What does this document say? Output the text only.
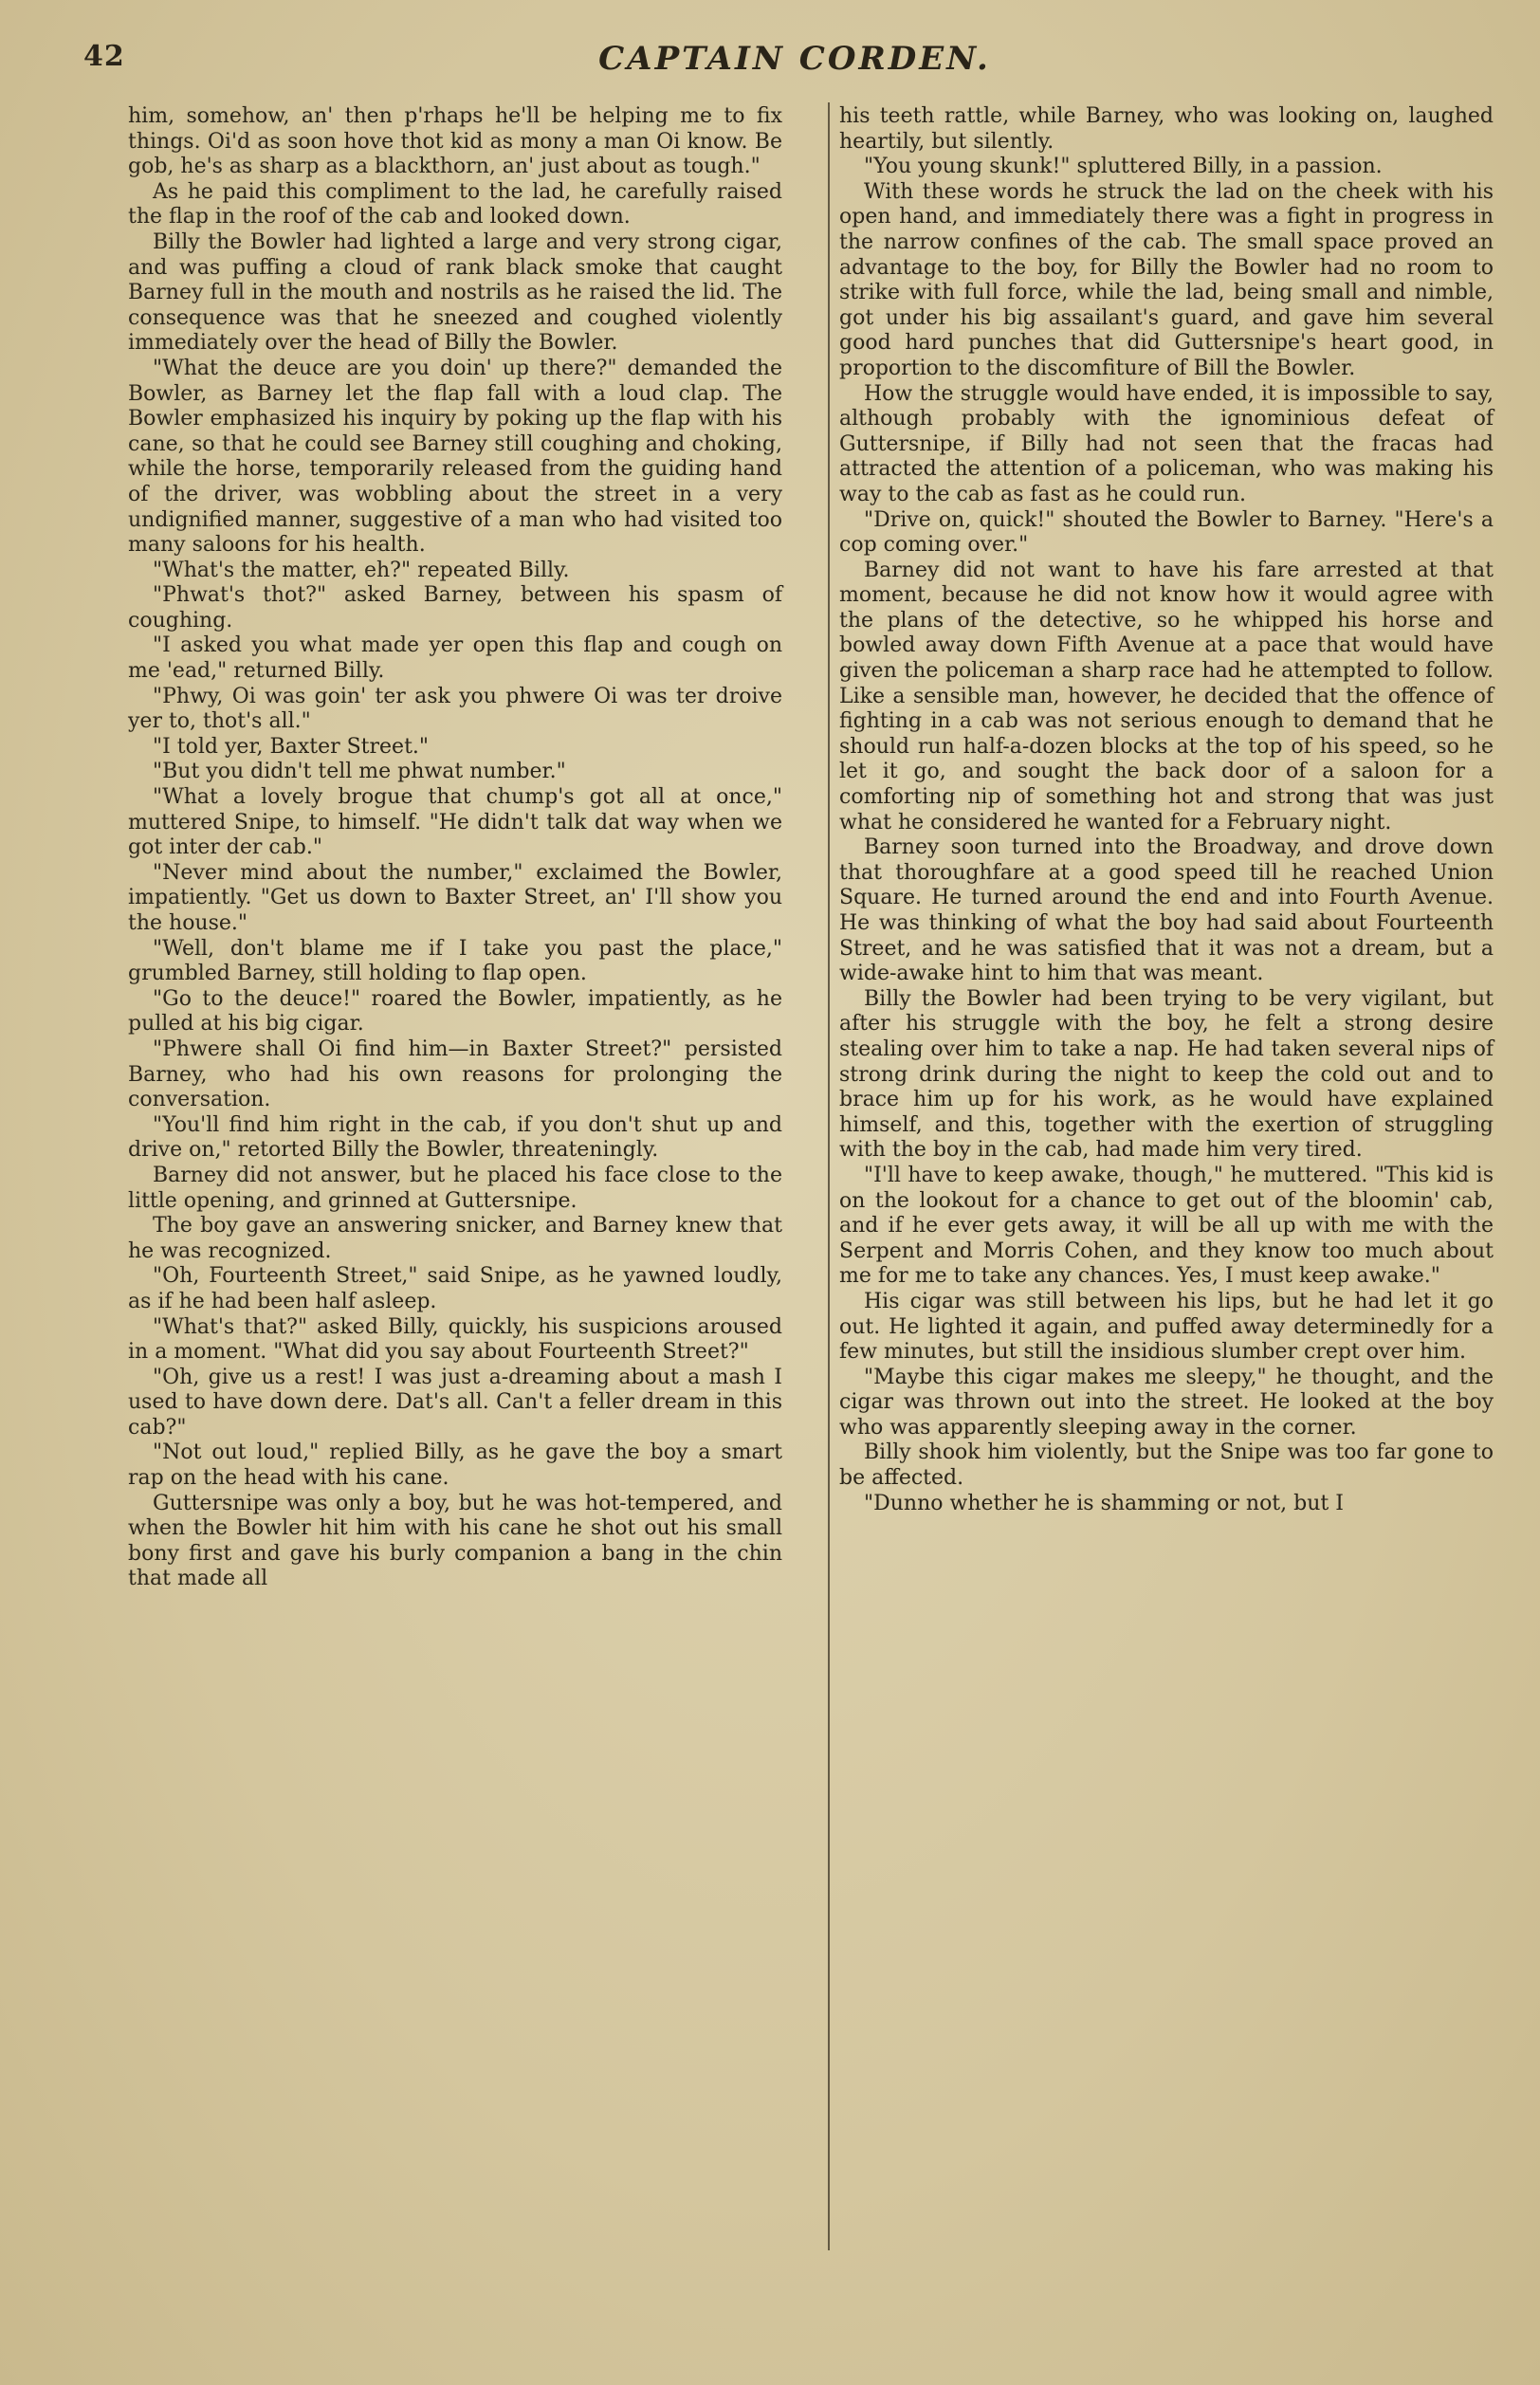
42	CAPTAIN CORDEN.

him, somehow, an' then p'rhaps he'll be helping me to fix things. Oi'd as soon hove thot kid as mony a man Oi know. Be gob, he's as sharp as a blackthorn, an' just about as tough."

As he paid this compliment to the lad, he carefully raised the flap in the roof of the cab and looked down.

Billy the Bowler had lighted a large and very strong cigar, and was puffing a cloud of rank black smoke that caught Barney full in the mouth and nostrils as he raised the lid. The consequence was that he sneezed and coughed violently immediately over the head of Billy the Bowler.

"What the deuce are you doin' up there?" demanded the Bowler, as Barney let the flap fall with a loud clap. The Bowler emphasized his inquiry by poking up the flap with his cane, so that he could see Barney still coughing and choking, while the horse, temporarily released from the guiding hand of the driver, was wobbling about the street in a very undignified manner, suggestive of a man who had visited too many saloons for his health.

"What's the matter, eh?" repeated Billy.

"Phwat's thot?" asked Barney, between his spasm of coughing.

"I asked you what made yer open this flap and cough on me 'ead," returned Billy.

"Phwy, Oi was goin' ter ask you phwere Oi was ter droive yer to, thot's all."

"I told yer, Baxter Street."

"But you didn't tell me phwat number."

"What a lovely brogue that chump's got all at once," muttered Snipe, to himself. "He didn't talk dat way when we got inter der cab."

"Never mind about the number," exclaimed the Bowler, impatiently. "Get us down to Baxter Street, an' I'll show you the house."

"Well, don't blame me if I take you past the place," grumbled Barney, still holding to flap open.

"Go to the deuce!" roared the Bowler, impatiently, as he pulled at his big cigar.

"Phwere shall Oi find him—in Baxter Street?" persisted Barney, who had his own reasons for prolonging the conversation.

"You'll find him right in the cab, if you don't shut up and drive on," retorted Billy the Bowler, threateningly.

Barney did not answer, but he placed his face close to the little opening, and grinned at Guttersnipe.

The boy gave an answering snicker, and Barney knew that he was recognized.

"Oh, Fourteenth Street," said Snipe, as he yawned loudly, as if he had been half asleep.

"What's that?" asked Billy, quickly, his suspicions aroused in a moment. "What did you say about Fourteenth Street?"

"Oh, give us a rest! I was just a-dreaming about a mash I used to have down dere. Dat's all. Can't a feller dream in this cab?"

"Not out loud," replied Billy, as he gave the boy a smart rap on the head with his cane.

Guttersnipe was only a boy, but he was hot-tempered, and when the Bowler hit him with his cane he shot out his small bony first and gave his burly companion a bang in the chin that made all

his teeth rattle, while Barney, who was looking on, laughed heartily, but silently.

"You young skunk!" spluttered Billy, in a passion.

With these words he struck the lad on the cheek with his open hand, and immediately there was a fight in progress in the narrow confines of the cab. The small space proved an advantage to the boy, for Billy the Bowler had no room to strike with full force, while the lad, being small and nimble, got under his big assailant's guard, and gave him several good hard punches that did Guttersnipe's heart good, in proportion to the discomfiture of Bill the Bowler.

How the struggle would have ended, it is impossible to say, although probably with the ignominious defeat of Guttersnipe, if Billy had not seen that the fracas had attracted the attention of a policeman, who was making his way to the cab as fast as he could run.

"Drive on, quick!" shouted the Bowler to Barney. "Here's a cop coming over."

Barney did not want to have his fare arrested at that moment, because he did not know how it would agree with the plans of the detective, so he whipped his horse and bowled away down Fifth Avenue at a pace that would have given the policeman a sharp race had he attempted to follow. Like a sensible man, however, he decided that the offence of fighting in a cab was not serious enough to demand that he should run half-a-dozen blocks at the top of his speed, so he let it go, and sought the back door of a saloon for a comforting nip of something hot and strong that was just what he considered he wanted for a February night.

Barney soon turned into the Broadway, and drove down that thoroughfare at a good speed till he reached Union Square. He turned around the end and into Fourth Avenue. He was thinking of what the boy had said about Fourteenth Street, and he was satisfied that it was not a dream, but a wide-awake hint to him that was meant.

Billy the Bowler had been trying to be very vigilant, but after his struggle with the boy, he felt a strong desire stealing over him to take a nap. He had taken several nips of strong drink during the night to keep the cold out and to brace him up for his work, as he would have explained himself, and this, together with the exertion of struggling with the boy in the cab, had made him very tired.

"I'll have to keep awake, though," he muttered. "This kid is on the lookout for a chance to get out of the bloomin' cab, and if he ever gets away, it will be all up with me with the Serpent and Morris Cohen, and they know too much about me for me to take any chances. Yes, I must keep awake."

His cigar was still between his lips, but he had let it go out. He lighted it again, and puffed away determinedly for a few minutes, but still the insidious slumber crept over him.

"Maybe this cigar makes me sleepy," he thought, and the cigar was thrown out into the street. He looked at the boy who was apparently sleeping away in the corner.

Billy shook him violently, but the Snipe was too far gone to be affected.

"Dunno whether he is shamming or not, but I
